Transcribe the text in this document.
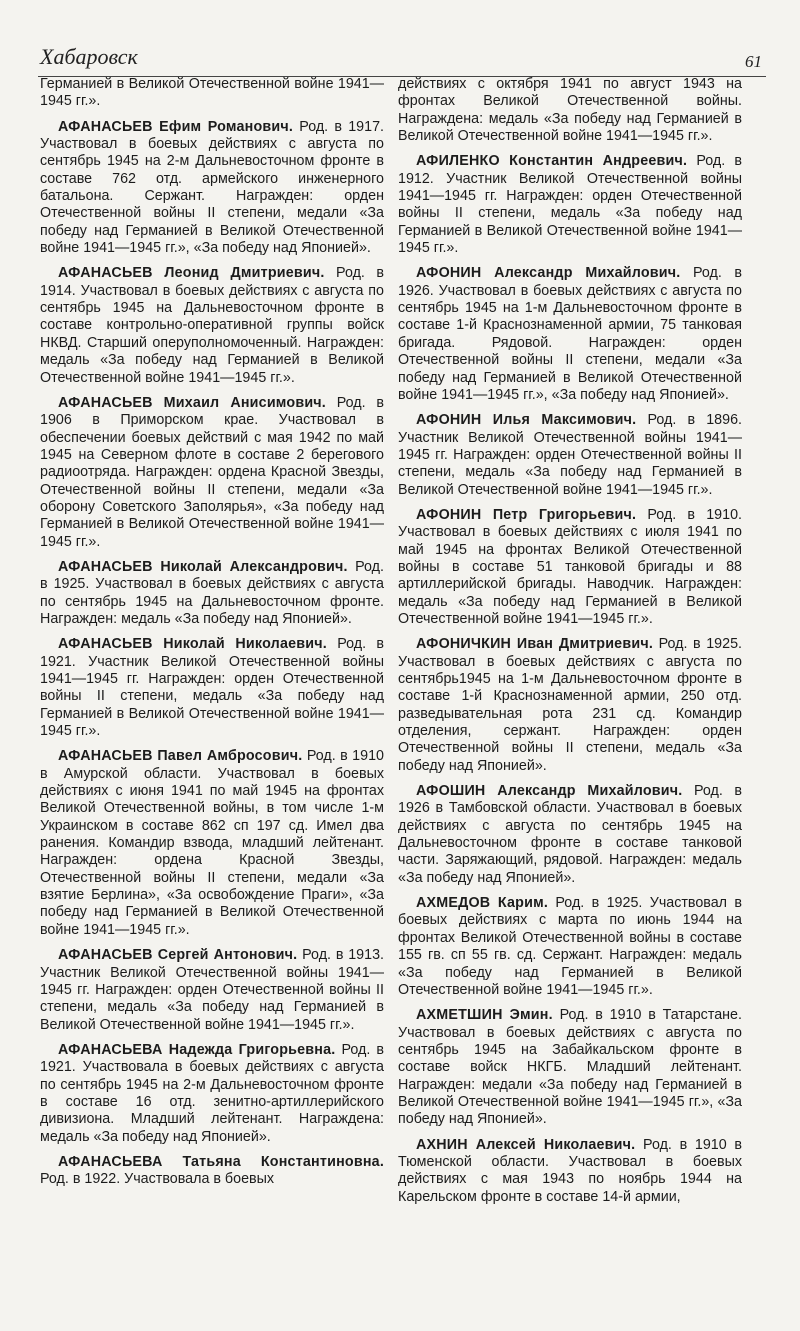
Хабаровск	61

Германией в Великой Отечественной войне 1941—1945 гг.».

АФАНАСЬЕВ Ефим Романович. Род. в 1917. Участвовал в боевых действиях с августа по сентябрь 1945 на 2-м Дальневосточном фронте в составе 762 отд. армейского инженерного батальона. Сержант. Награжден: орден Отечественной войны II степени, медали «За победу над Германией в Великой Отечественной войне 1941—1945 гг.», «За победу над Японией».

АФАНАСЬЕВ Леонид Дмитриевич. Род. в 1914. Участвовал в боевых действиях с августа по сентябрь 1945 на Дальневосточном фронте в составе контрольно-оперативной группы войск НКВД. Старший оперуполномоченный. Награжден: медаль «За победу над Германией в Великой Отечественной войне 1941—1945 гг.».

АФАНАСЬЕВ Михаил Анисимович. Род. в 1906 в Приморском крае. Участвовал в обеспечении боевых действий с мая 1942 по май 1945 на Северном флоте в составе 2 берегового радиоотряда. Награжден: ордена Красной Звезды, Отечественной войны II степени, медали «За оборону Советского Заполярья», «За победу над Германией в Великой Отечественной войне 1941—1945 гг.».

АФАНАСЬЕВ Николай Александрович. Род. в 1925. Участвовал в боевых действиях с августа по сентябрь 1945 на Дальневосточном фронте. Награжден: медаль «За победу над Японией».

АФАНАСЬЕВ Николай Николаевич. Род. в 1921. Участник Великой Отечественной войны 1941—1945 гг. Награжден: орден Отечественной войны II степени, медаль «За победу над Германией в Великой Отечественной войне 1941—1945 гг.».

АФАНАСЬЕВ Павел Амбросович. Род. в 1910 в Амурской области. Участвовал в боевых действиях с июня 1941 по май 1945 на фронтах Великой Отечественной войны, в том числе 1-м Украинском в составе 862 сп 197 сд. Имел два ранения. Командир взвода, младший лейтенант. Награжден: ордена Красной Звезды, Отечественной войны II степени, медали «За взятие Берлина», «За освобождение Праги», «За победу над Германией в Великой Отечественной войне 1941—1945 гг.».

АФАНАСЬЕВ Сергей Антонович. Род. в 1913. Участник Великой Отечественной войны 1941—1945 гг. Награжден: орден Отечественной войны II степени, медаль «За победу над Германией в Великой Отечественной войне 1941—1945 гг.».

АФАНАСЬЕВА Надежда Григорьевна. Род. в 1921. Участвовала в боевых действиях с августа по сентябрь 1945 на 2-м Дальневосточном фронте в составе 16 отд. зенитно-артиллерийского дивизиона. Младший лейтенант. Награждена: медаль «За победу над Японией».

АФАНАСЬЕВА Татьяна Константиновна. Род. в 1922. Участвовала в боевых

действиях с октября 1941 по август 1943 на фронтах Великой Отечественной войны. Награждена: медаль «За победу над Германией в Великой Отечественной войне 1941—1945 гг.».

АФИЛЕНКО Константин Андреевич. Род. в 1912. Участник Великой Отечественной войны 1941—1945 гг. Награжден: орден Отечественной войны II степени, медаль «За победу над Германией в Великой Отечественной войне 1941—1945 гг.».

АФОНИН Александр Михайлович. Род. в 1926. Участвовал в боевых действиях с августа по сентябрь 1945 на 1-м Дальневосточном фронте в составе 1-й Краснознаменной армии, 75 танковая бригада. Рядовой. Награжден: орден Отечественной войны II степени, медали «За победу над Германией в Великой Отечественной войне 1941—1945 гг.», «За победу над Японией».

АФОНИН Илья Максимович. Род. в 1896. Участник Великой Отечественной войны 1941—1945 гг. Награжден: орден Отечественной войны II степени, медаль «За победу над Германией в Великой Отечественной войне 1941—1945 гг.».

АФОНИН Петр Григорьевич. Род. в 1910. Участвовал в боевых действиях с июля 1941 по май 1945 на фронтах Великой Отечественной войны в составе 51 танковой бригады и 88 артиллерийской бригады. Наводчик. Награжден: медаль «За победу над Германией в Великой Отечественной войне 1941—1945 гг.».

АФОНИЧКИН Иван Дмитриевич. Род. в 1925. Участвовал в боевых действиях с августа по сентябрь1945 на 1-м Дальневосточном фронте в составе 1-й Краснознаменной армии, 250 отд. разведывательная рота 231 сд. Командир отделения, сержант. Награжден: орден Отечественной войны II степени, медаль «За победу над Японией».

АФОШИН Александр Михайлович. Род. в 1926 в Тамбовской области. Участвовал в боевых действиях с августа по сентябрь 1945 на Дальневосточном фронте в составе танковой части. Заряжающий, рядовой. Награжден: медаль «За победу над Японией».

АХМЕДОВ Карим. Род. в 1925. Участвовал в боевых действиях с марта по июнь 1944 на фронтах Великой Отечественной войны в составе 155 гв. сп 55 гв. сд. Сержант. Награжден: медаль «За победу над Германией в Великой Отечественной войне 1941—1945 гг.».

АХМЕТШИН Эмин. Род. в 1910 в Татарстане. Участвовал в боевых действиях с августа по сентябрь 1945 на Забайкальском фронте в составе войск НКГБ. Младший лейтенант. Награжден: медали «За победу над Германией в Великой Отечественной войне 1941—1945 гг.», «За победу над Японией».

АХНИН Алексей Николаевич. Род. в 1910 в Тюменской области. Участвовал в боевых действиях с мая 1943 по ноябрь 1944 на Карельском фронте в составе 14-й армии,
